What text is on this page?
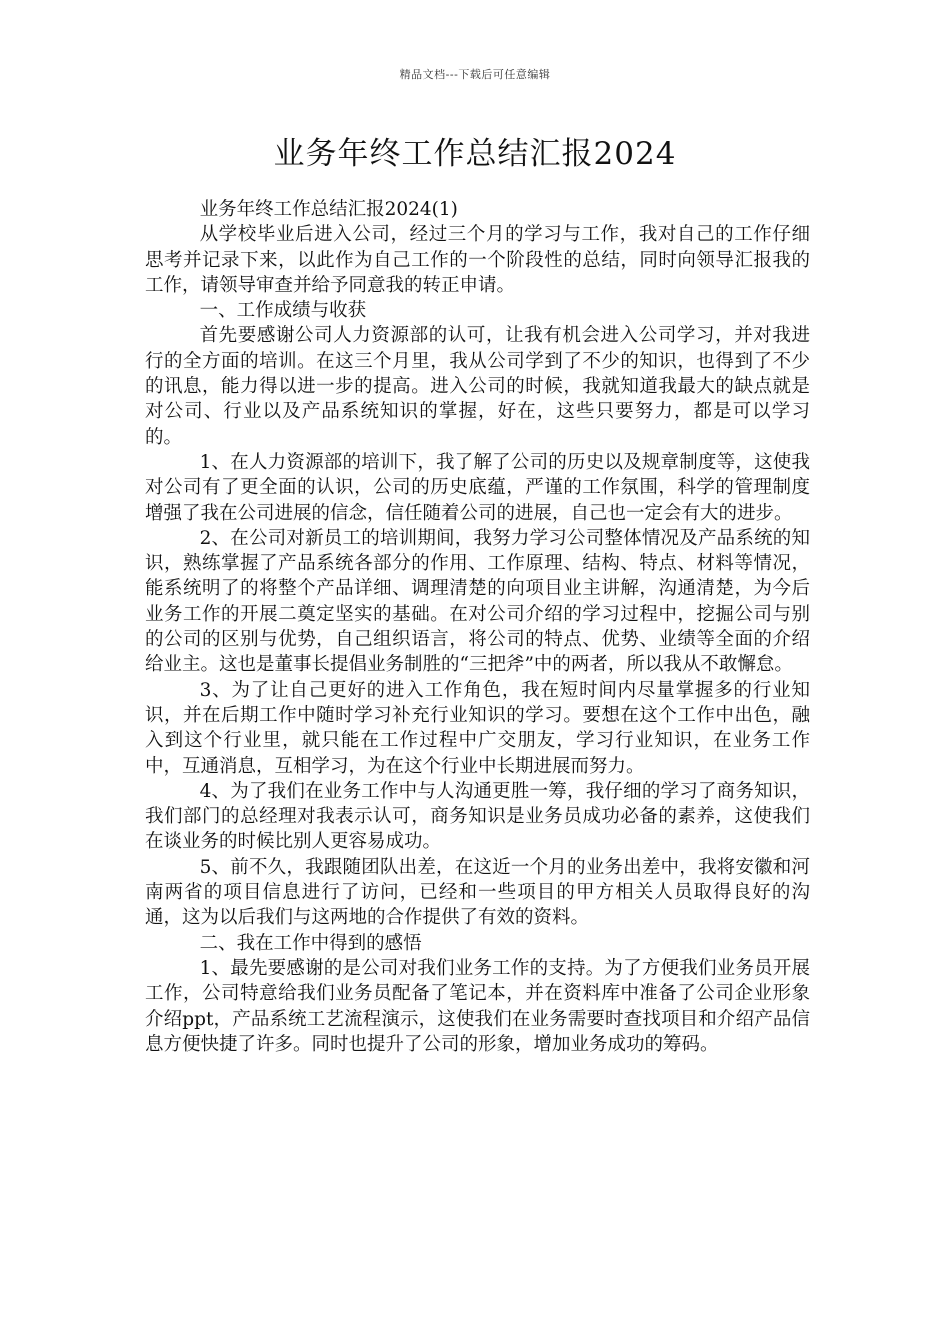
精品文档---下载后可任意编辑
业务年终工作总结汇报2024

业务年终工作总结汇报2024(1)

从学校毕业后进入公司，经过三个月的学习与工作，我对自己的工作仔细思考并记录下来，以此作为自己工作的一个阶段性的总结，同时向领导汇报我的工作，请领导审查并给予同意我的转正申请。

一、工作成绩与收获

首先要感谢公司人力资源部的认可，让我有机会进入公司学习，并对我进行的全方面的培训。在这三个月里，我从公司学到了不少的知识，也得到了不少的讯息，能力得以进一步的提高。进入公司的时候，我就知道我最大的缺点就是对公司、行业以及产品系统知识的掌握，好在，这些只要努力，都是可以学习的。

1、在人力资源部的培训下，我了解了公司的历史以及规章制度等，这使我对公司有了更全面的认识，公司的历史底蕴，严谨的工作氛围，科学的管理制度增强了我在公司进展的信念，信任随着公司的进展，自己也一定会有大的进步。

2、在公司对新员工的培训期间，我努力学习公司整体情况及产品系统的知识，熟练掌握了产品系统各部分的作用、工作原理、结构、特点、材料等情况，能系统明了的将整个产品详细、调理清楚的向项目业主讲解，沟通清楚，为今后业务工作的开展二奠定坚实的基础。在对公司介绍的学习过程中，挖掘公司与别的公司的区别与优势，自己组织语言，将公司的特点、优势、业绩等全面的介绍给业主。这也是董事长提倡业务制胜的“三把斧”中的两者，所以我从不敢懈怠。

3、为了让自己更好的进入工作角色，我在短时间内尽量掌握多的行业知识，并在后期工作中随时学习补充行业知识的学习。要想在这个工作中出色，融入到这个行业里，就只能在工作过程中广交朋友，学习行业知识，在业务工作中，互通消息，互相学习，为在这个行业中长期进展而努力。

4、为了我们在业务工作中与人沟通更胜一筹，我仔细的学习了商务知识，我们部门的总经理对我表示认可，商务知识是业务员成功必备的素养，这使我们在谈业务的时候比别人更容易成功。

5、前不久，我跟随团队出差，在这近一个月的业务出差中，我将安徽和河南两省的项目信息进行了访问，已经和一些项目的甲方相关人员取得良好的沟通，这为以后我们与这两地的合作提供了有效的资料。

二、我在工作中得到的感悟

1、最先要感谢的是公司对我们业务工作的支持。为了方便我们业务员开展工作，公司特意给我们业务员配备了笔记本，并在资料库中准备了公司企业形象介绍ppt，产品系统工艺流程演示，这使我们在业务需要时查找项目和介绍产品信息方便快捷了许多。同时也提升了公司的形象，增加业务成功的筹码。
